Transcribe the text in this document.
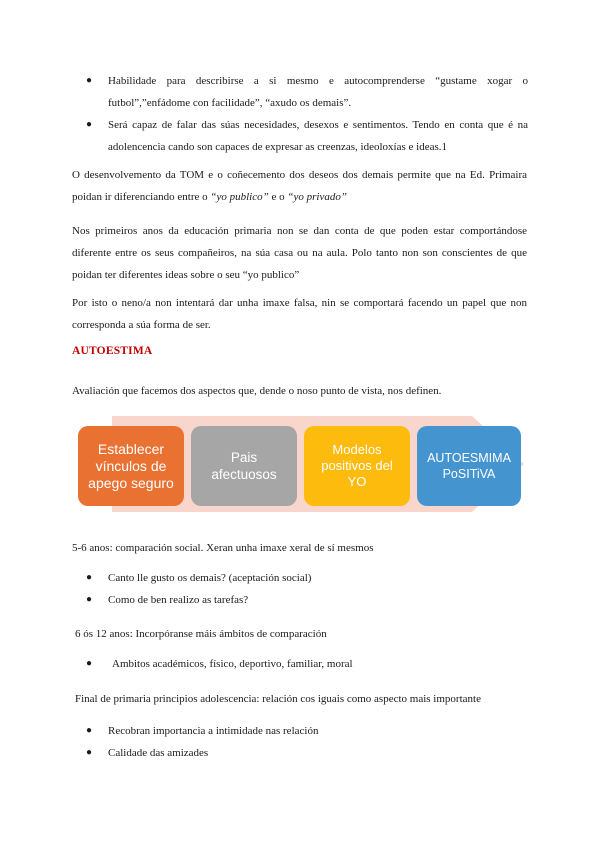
●	Habilidade para describirse a si mesmo e autocomprenderse “gustame xogar o futbol”,”enfádome con facilidade”, “axudo os demais”.
●	Será capaz de falar das súas necesidades, desexos e sentimentos. Tendo en conta que é na adolencencia cando son capaces de expresar as creenzas, ideoloxías e ideas.1

O desenvolvemento da TOM e o coñecemento dos deseos dos demais permite que na Ed. Primaira poidan ir diferenciando entre o “yo publico” e o “yo privado”

Nos primeiros anos da educación primaria non se dan conta de que poden estar comportándose diferente entre os seus compañeiros, na súa casa ou na aula. Polo tanto non son conscientes de que poidan ter diferentes ideas sobre o seu “yo publico”

Por isto o neno/a non intentará dar unha imaxe falsa, nin se comportará facendo un papel que non corresponda a súa forma de ser.

AUTOESTIMA

Avaliación que facemos dos aspectos que, dende o noso punto de vista, nos definen.

Establecer
vínculos de
apego seguro
Pais
afectuosos
Modelos
positivos del
YO
AUTOESMIMA
PoSITiVA

5-6 anos: comparación social. Xeran unha imaxe xeral de sí mesmos

●	Canto lle gusto os demais? (aceptación social)
●	Como de ben realizo as tarefas?

6 ós 12 anos: Incorpóranse máis ámbitos de comparación

●	Ambitos académicos, físico, deportivo, familiar, moral

Final de primaria principios adolescencia: relación cos iguais como aspecto mais importante

●	Recobran importancia a intimidade nas relación
●	Calidade das amizades
